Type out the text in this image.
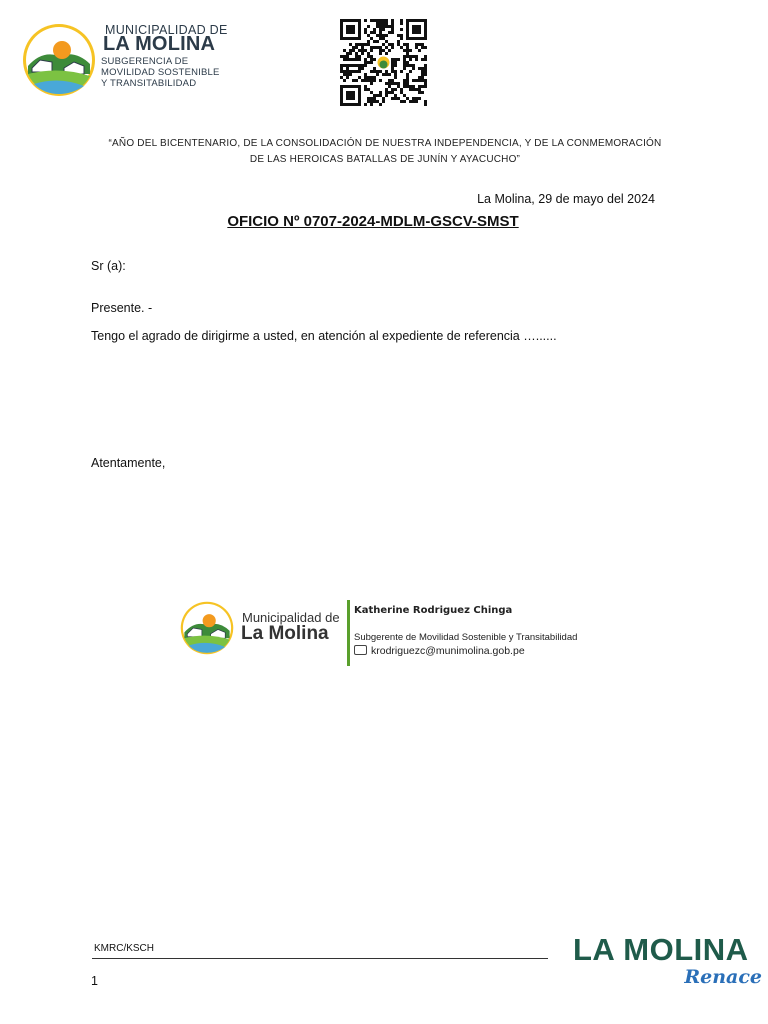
MUNICIPALIDAD DE
LA MOLINA
SUBGERENCIA DE
MOVILIDAD SOSTENIBLE
Y TRANSITABILIDAD
“AÑO DEL BICENTENARIO, DE LA CONSOLIDACIÓN DE NUESTRA INDEPENDENCIA, Y DE LA CONMEMORACIÓN
DE LAS HEROICAS BATALLAS DE JUNÍN Y AYACUCHO”
La Molina, 29 de mayo del 2024
OFICIO Nº 0707-2024-MDLM-GSCV-SMST
Sr (a):
Presente. -
Tengo el agrado de dirigirme a usted, en atención al expediente de referencia …......
Atentamente,
Municipalidad de
La Molina
Katherine Rodriguez Chinga
Subgerente de Movilidad Sostenible y Transitabilidad
krodriguezc@munimolina.gob.pe
KMRC/KSCH
1
LA MOLINA
Renace
